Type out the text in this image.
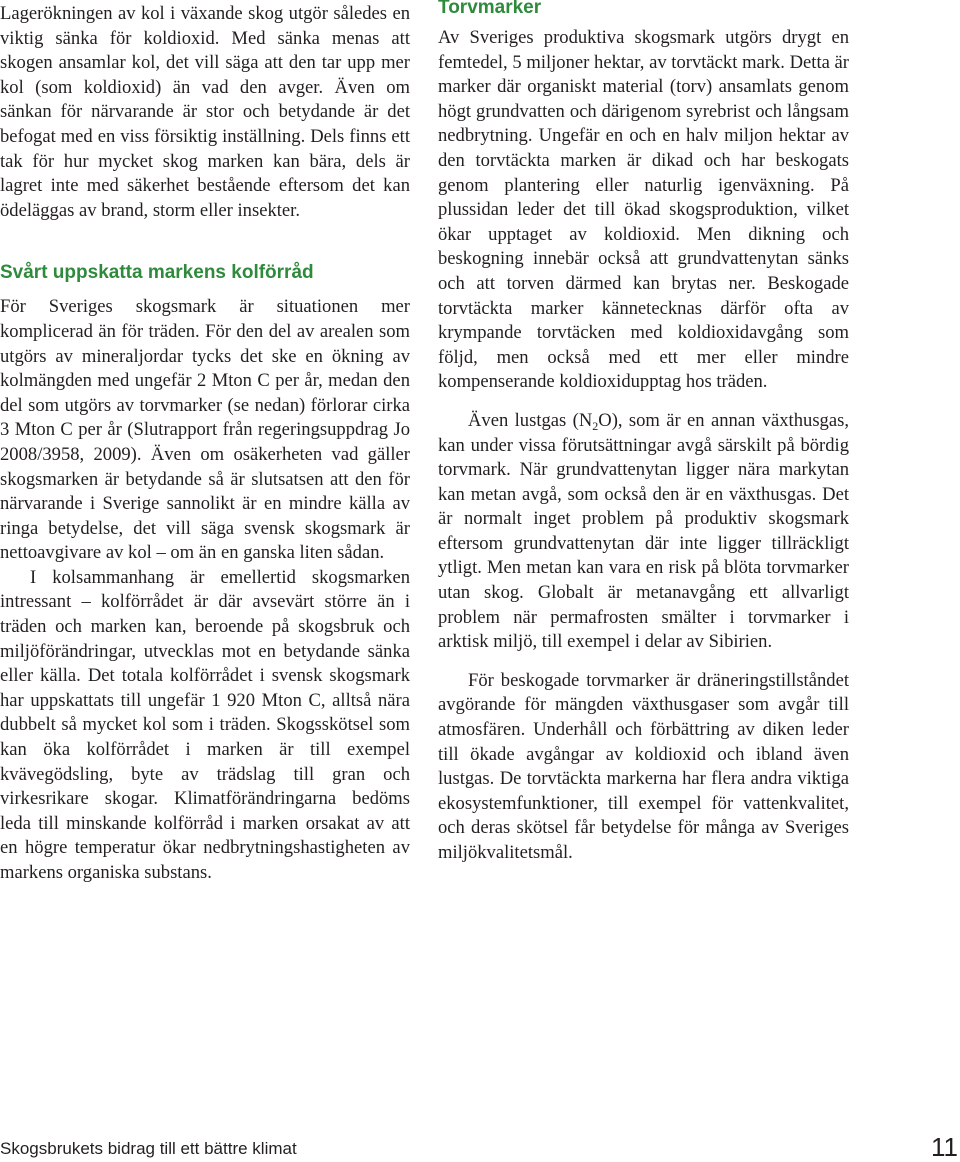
Lagerökningen av kol i växande skog utgör således en viktig sänka för koldioxid. Med sänka menas att skogen ansamlar kol, det vill säga att den tar upp mer kol (som koldioxid) än vad den avger. Även om sänkan för närvarande är stor och betydande är det befogat med en viss försiktig inställning. Dels finns ett tak för hur mycket skog marken kan bära, dels är lagret inte med säkerhet bestående eftersom det kan ödeläggas av brand, storm eller insekter.

Svårt uppskatta markens kolförråd

För Sveriges skogsmark är situationen mer komplicerad än för träden. För den del av arealen som utgörs av mineraljordar tycks det ske en ökning av kolmängden med ungefär 2 Mton C per år, medan den del som utgörs av torvmarker (se nedan) förlorar cirka 3 Mton C per år (Slutrapport från regeringsuppdrag Jo 2008/3958, 2009). Även om osäkerheten vad gäller skogsmarken är betydande så är slutsatsen att den för närvarande i Sverige sannolikt är en mindre källa av ringa betydelse, det vill säga svensk skogsmark är nettoavgivare av kol – om än en ganska liten sådan.

I kolsammanhang är emellertid skogsmarken intressant – kolförrådet är där avsevärt större än i träden och marken kan, beroende på skogsbruk och miljöförändringar, utvecklas mot en betydande sänka eller källa. Det totala kolförrådet i svensk skogsmark har uppskattats till ungefär 1 920 Mton C, alltså nära dubbelt så mycket kol som i träden. Skogsskötsel som kan öka kolförrådet i marken är till exempel kvävegödsling, byte av trädslag till gran och virkesrikare skogar. Klimatförändringarna bedöms leda till minskande kolförråd i marken orsakat av att en högre temperatur ökar nedbrytningshastigheten av markens organiska substans.

Torvmarker

Av Sveriges produktiva skogsmark utgörs drygt en femtedel, 5 miljoner hektar, av torvtäckt mark. Detta är marker där organiskt material (torv) ansamlats genom högt grundvatten och därigenom syrebrist och långsam nedbrytning. Ungefär en och en halv miljon hektar av den torvtäckta marken är dikad och har beskogats genom plantering eller naturlig igenväxning. På plussidan leder det till ökad skogsproduktion, vilket ökar upptaget av koldioxid. Men dikning och beskogning innebär också att grundvattenytan sänks och att torven därmed kan brytas ner. Beskogade torvtäckta marker kännetecknas därför ofta av krympande torvtäcken med koldioxidavgång som följd, men också med ett mer eller mindre kompenserande koldioxidupptag hos träden.

Även lustgas $(N_2O)$, som är en annan växthusgas, kan under vissa förutsättningar avgå särskilt på bördig torvmark. När grundvattenytan ligger nära markytan kan metan avgå, som också den är en växthusgas. Det är normalt inget problem på produktiv skogsmark eftersom grundvattenytan där inte ligger tillräckligt ytligt. Men metan kan vara en risk på blöta torvmarker utan skog. Globalt är metanavgång ett allvarligt problem när permafrosten smälter i torvmarker i arktisk miljö, till exempel i delar av Sibirien.

För beskogade torvmarker är dräneringstillståndet avgörande för mängden växthusgaser som avgår till atmosfären. Underhåll och förbättring av diken leder till ökade avgångar av koldioxid och ibland även lustgas. De torvtäckta markerna har flera andra viktiga ekosystemfunktioner, till exempel för vattenkvalitet, och deras skötsel får betydelse för många av Sveriges miljökvalitetsmål.

Skogsbrukets bidrag till ett bättre klimat	11
